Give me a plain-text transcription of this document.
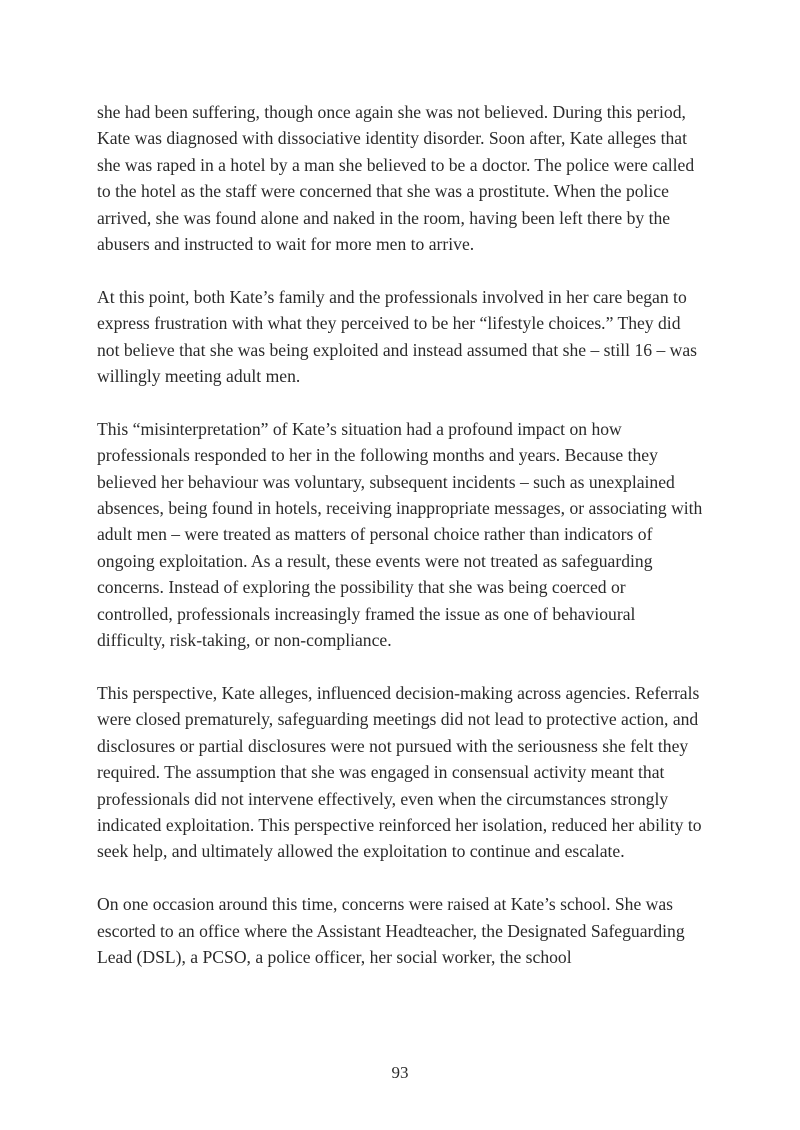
she had been suffering, though once again she was not believed. During this period, Kate was diagnosed with dissociative identity disorder. Soon after, Kate alleges that she was raped in a hotel by a man she believed to be a doctor. The police were called to the hotel as the staff were concerned that she was a prostitute. When the police arrived, she was found alone and naked in the room, having been left there by the abusers and instructed to wait for more men to arrive.

At this point, both Kate’s family and the professionals involved in her care began to express frustration with what they perceived to be her “lifestyle choices.” They did not believe that she was being exploited and instead assumed that she – still 16 – was willingly meeting adult men.

This “misinterpretation” of Kate’s situation had a profound impact on how professionals responded to her in the following months and years. Because they believed her behaviour was voluntary, subsequent incidents – such as unexplained absences, being found in hotels, receiving inappropriate messages, or associating with adult men – were treated as matters of personal choice rather than indicators of ongoing exploitation. As a result, these events were not treated as safeguarding concerns. Instead of exploring the possibility that she was being coerced or controlled, professionals increasingly framed the issue as one of behavioural difficulty, risk-taking, or non-compliance.

This perspective, Kate alleges, influenced decision-making across agencies. Referrals were closed prematurely, safeguarding meetings did not lead to protective action, and disclosures or partial disclosures were not pursued with the seriousness she felt they required. The assumption that she was engaged in consensual activity meant that professionals did not intervene effectively, even when the circumstances strongly indicated exploitation. This perspective reinforced her isolation, reduced her ability to seek help, and ultimately allowed the exploitation to continue and escalate.

On one occasion around this time, concerns were raised at Kate’s school. She was escorted to an office where the Assistant Headteacher, the Designated Safeguarding Lead (DSL), a PCSO, a police officer, her social worker, the school

93
